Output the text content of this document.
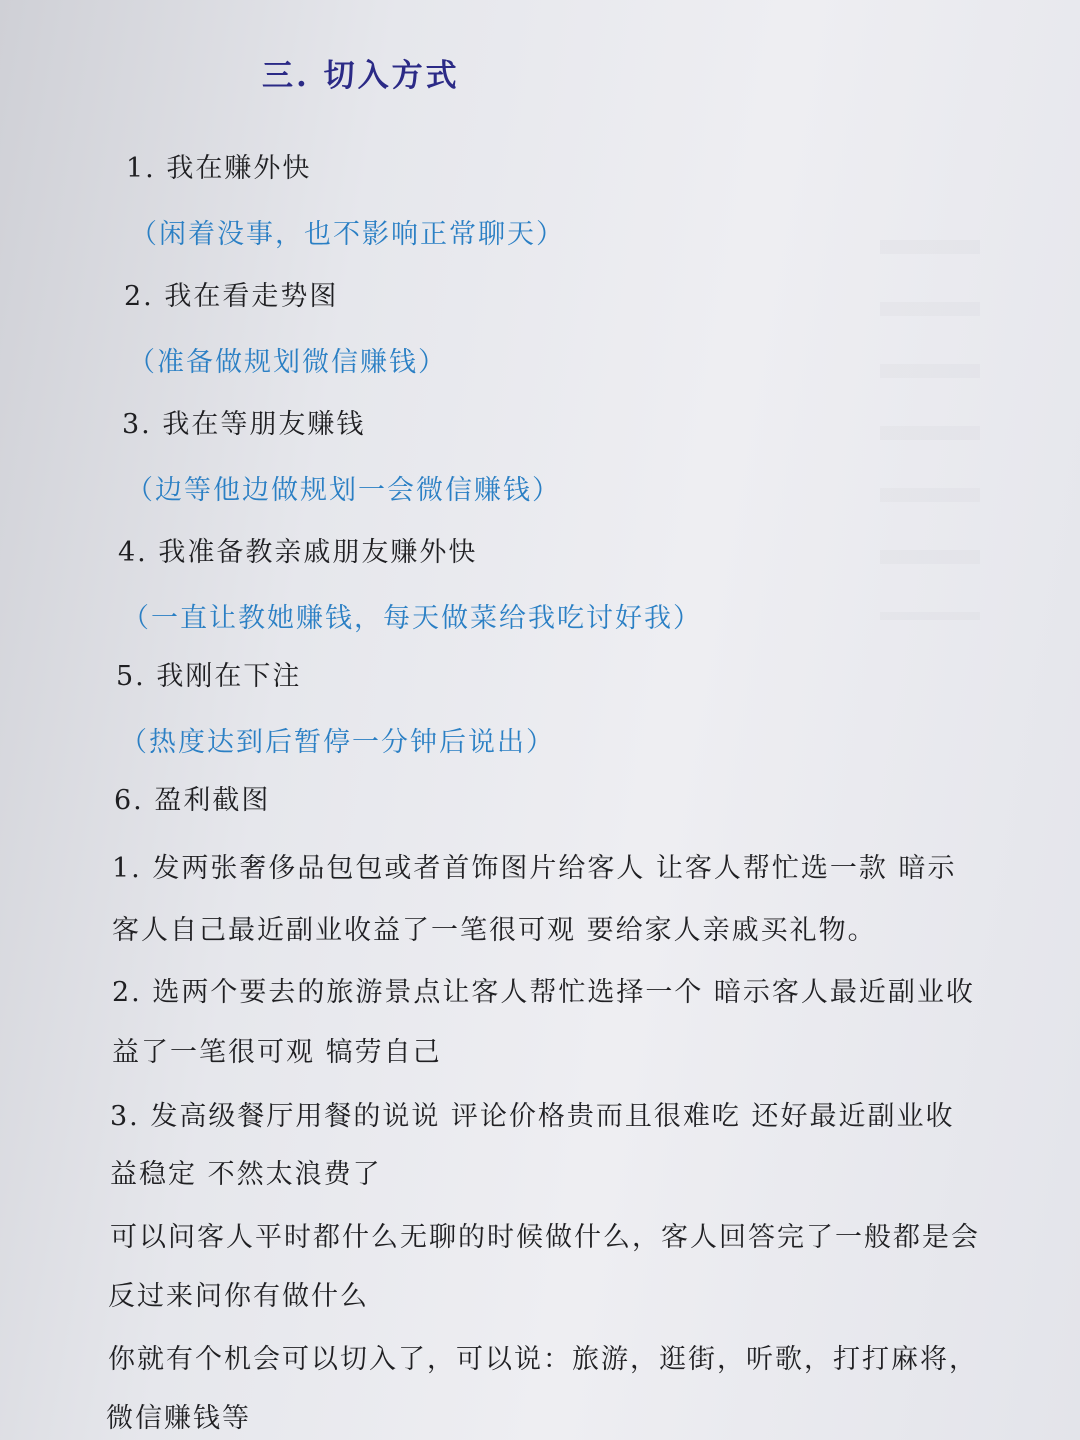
三. 切入方式
1. 我在赚外快
（闲着没事，也不影响正常聊天）
2. 我在看走势图
（准备做规划微信赚钱）
3. 我在等朋友赚钱
（边等他边做规划一会微信赚钱）
4. 我准备教亲戚朋友赚外快
（一直让教她赚钱，每天做菜给我吃讨好我）
5. 我刚在下注
（热度达到后暂停一分钟后说出）
6. 盈利截图
1. 发两张奢侈品包包或者首饰图片给客人 让客人帮忙选一款 暗示
客人自己最近副业收益了一笔很可观 要给家人亲戚买礼物。
2. 选两个要去的旅游景点让客人帮忙选择一个 暗示客人最近副业收
益了一笔很可观 犒劳自己
3. 发高级餐厅用餐的说说 评论价格贵而且很难吃 还好最近副业收
益稳定 不然太浪费了
可以问客人平时都什么无聊的时候做什么，客人回答完了一般都是会
反过来问你有做什么
你就有个机会可以切入了，可以说：旅游，逛街，听歌，打打麻将，
微信赚钱等
